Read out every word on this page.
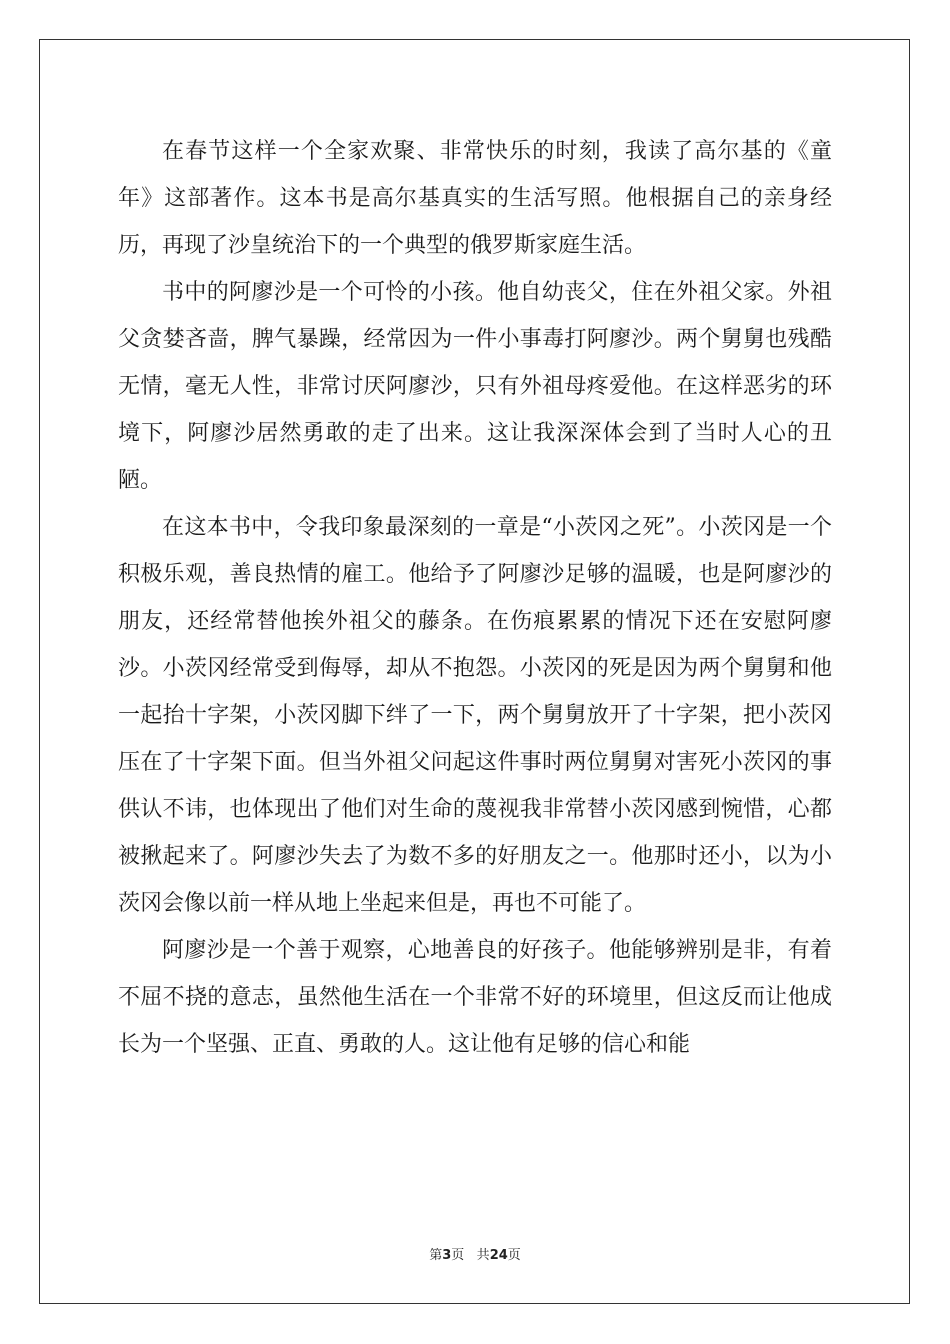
在春节这样一个全家欢聚、非常快乐的时刻，我读了高尔基的《童年》这部著作。这本书是高尔基真实的生活写照。他根据自己的亲身经历，再现了沙皇统治下的一个典型的俄罗斯家庭生活。

书中的阿廖沙是一个可怜的小孩。他自幼丧父，住在外祖父家。外祖父贪婪吝啬，脾气暴躁，经常因为一件小事毒打阿廖沙。两个舅舅也残酷无情，毫无人性，非常讨厌阿廖沙，只有外祖母疼爱他。在这样恶劣的环境下，阿廖沙居然勇敢的走了出来。这让我深深体会到了当时人心的丑陋。

在这本书中，令我印象最深刻的一章是“小茨冈之死”。小茨冈是一个积极乐观，善良热情的雇工。他给予了阿廖沙足够的温暖，也是阿廖沙的朋友，还经常替他挨外祖父的藤条。在伤痕累累的情况下还在安慰阿廖沙。小茨冈经常受到侮辱，却从不抱怨。小茨冈的死是因为两个舅舅和他一起抬十字架，小茨冈脚下绊了一下，两个舅舅放开了十字架，把小茨冈压在了十字架下面。但当外祖父问起这件事时两位舅舅对害死小茨冈的事供认不讳，也体现出了他们对生命的蔑视我非常替小茨冈感到惋惜，心都被揪起来了。阿廖沙失去了为数不多的好朋友之一。他那时还小，以为小茨冈会像以前一样从地上坐起来但是，再也不可能了。

阿廖沙是一个善于观察，心地善良的好孩子。他能够辨别是非，有着不屈不挠的意志，虽然他生活在一个非常不好的环境里，但这反而让他成长为一个坚强、正直、勇敢的人。这让他有足够的信心和能

第3页 共24页
